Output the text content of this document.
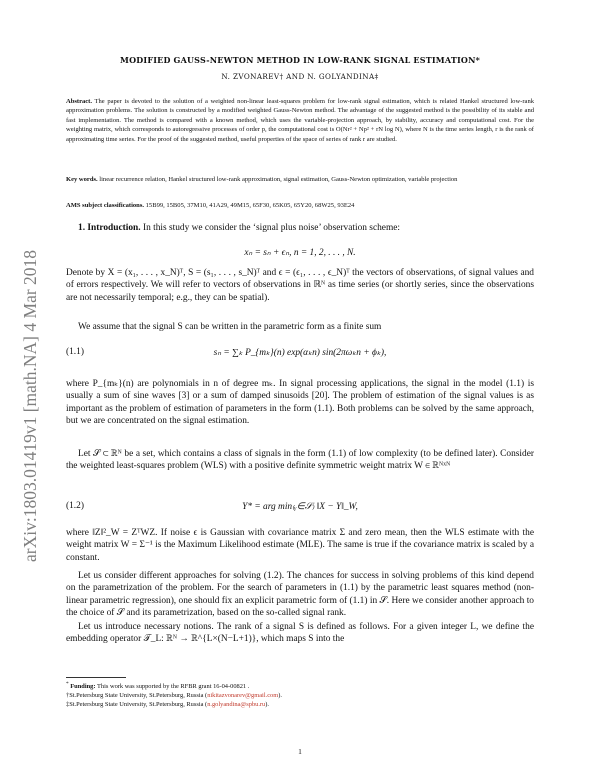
arXiv:1803.01419v1 [math.NA] 4 Mar 2018
MODIFIED GAUSS-NEWTON METHOD IN LOW-RANK SIGNAL ESTIMATION*
N. ZVONAREV† AND N. GOLYANDINA‡
Abstract. The paper is devoted to the solution of a weighted non-linear least-squares problem for low-rank signal estimation, which is related Hankel structured low-rank approximation problems. The solution is constructed by a modified weighted Gauss-Newton method. The advantage of the suggested method is the possibility of its stable and fast implementation. The method is compared with a known method, which uses the variable-projection approach, by stability, accuracy and computational cost. For the weighting matrix, which corresponds to autoregressive processes of order p, the computational cost is O(Nr² + Np² + rN log N), where N is the time series length, r is the rank of approximating time series. For the proof of the suggested method, useful properties of the space of series of rank r are studied.
Key words. linear recurrence relation, Hankel structured low-rank approximation, signal estimation, Gauss-Newton optimization, variable projection
AMS subject classifications. 15B99, 15B05, 37M10, 41A29, 49M15, 65F30, 65K05, 65Y20, 68W25, 93E24
1. Introduction. In this study we consider the ‘signal plus noise’ observation scheme:
xₙ = sₙ + ϵₙ, n = 1, 2, . . . , N.
Denote by X = (x₁, . . . , x_N)ᵀ, S = (s₁, . . . , s_N)ᵀ and ϵ = (ϵ₁, . . . , ϵ_N)ᵀ the vectors of observations, of signal values and of errors respectively. We will refer to vectors of observations in ℝᴺ as time series (or shortly series, since the observations are not necessarily temporal; e.g., they can be spatial).
We assume that the signal S can be written in the parametric form as a finite sum
(1.1)	sₙ = ∑ₖ P_{mₖ}(n) exp(αₖn) sin(2πωₖn + ϕₖ),
where P_{mₖ}(n) are polynomials in n of degree mₖ. In signal processing applications, the signal in the model (1.1) is usually a sum of sine waves [3] or a sum of damped sinusoids [20]. The problem of estimation of the signal values is as important as the problem of estimation of parameters in the form (1.1). Both problems can be solved by the same approach, but we are concentrated on the signal estimation.
Let 𝒮 ⊂ ℝᴺ be a set, which contains a class of signals in the form (1.1) of low complexity (to be defined later). Consider the weighted least-squares problem (WLS) with a positive definite symmetric weight matrix W ∈ ℝᴺˣᴺ
(1.2)	Y* = arg min₍ᵧ∈𝒮₎ ‖X − Y‖_W,
where ‖Z‖²_W = ZᵀWZ. If noise ϵ is Gaussian with covariance matrix Σ and zero mean, then the WLS estimate with the weight matrix W = Σ⁻¹ is the Maximum Likelihood estimate (MLE). The same is true if the covariance matrix is scaled by a constant.
Let us consider different approaches for solving (1.2). The chances for success in solving problems of this kind depend on the parametrization of the problem. For the search of parameters in (1.1) by the parametric least squares method (non-linear parametric regression), one should fix an explicit parametric form of (1.1) in 𝒮. Here we consider another approach to the choice of 𝒮 and its parametrization, based on the so-called signal rank.
Let us introduce necessary notions. The rank of a signal S is defined as follows. For a given integer L, we define the embedding operator 𝒯_L: ℝᴺ → ℝ^{L×(N−L+1)}, which maps S into the
* Funding: This work was supported by the RFBR grant 16-04-00821 .
†St.Petersburg State University, St.Petersburg, Russia (nikitazvonarev@gmail.com).
‡St.Petersburg State University, St.Petersburg, Russia (n.golyandina@spbu.ru).
1
